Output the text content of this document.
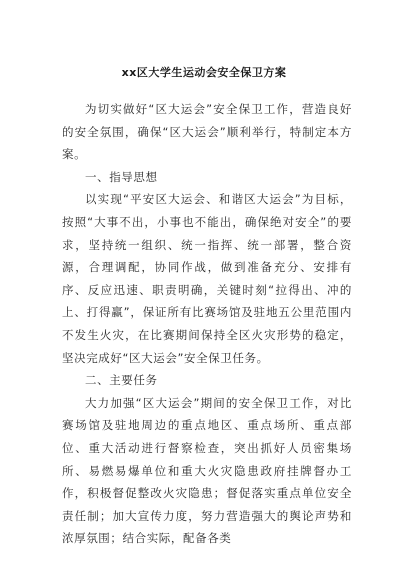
xx区大学生运动会安全保卫方案

为切实做好“区大运会”安全保卫工作，营造良好的安全氛围，确保“区大运会”顺利举行，特制定本方案。

一、指导思想

以实现“平安区大运会、和谐区大运会”为目标，按照“大事不出，小事也不能出，确保绝对安全”的要求，坚持统一组织、统一指挥、统一部署，整合资源，合理调配，协同作战，做到准备充分、安排有序、反应迅速、职责明确，关键时刻“拉得出、冲的上、打得赢”，保证所有比赛场馆及驻地五公里范围内不发生火灾，在比赛期间保持全区火灾形势的稳定，坚决完成好“区大运会”安全保卫任务。

二、主要任务

大力加强“区大运会”期间的安全保卫工作，对比赛场馆及驻地周边的重点地区、重点场所、重点部位、重大活动进行督察检查，突出抓好人员密集场所、易燃易爆单位和重大火灾隐患政府挂牌督办工作，积极督促整改火灾隐患；督促落实重点单位安全责任制；加大宣传力度，努力营造强大的舆论声势和浓厚氛围；结合实际，配备各类
